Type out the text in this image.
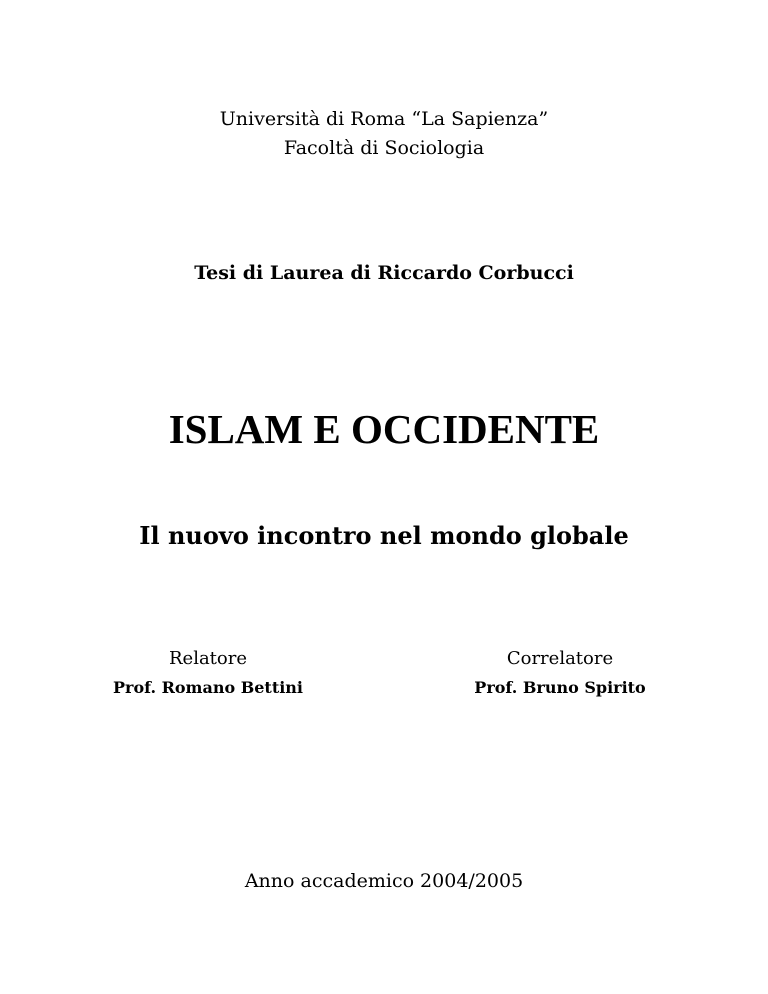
Università di Roma “La Sapienza”
Facoltà di Sociologia
Tesi di Laurea di Riccardo Corbucci
ISLAM E OCCIDENTE
Il nuovo incontro nel mondo globale
Relatore
Prof. Romano Bettini
Correlatore
Prof. Bruno Spirito
Anno accademico 2004/2005
